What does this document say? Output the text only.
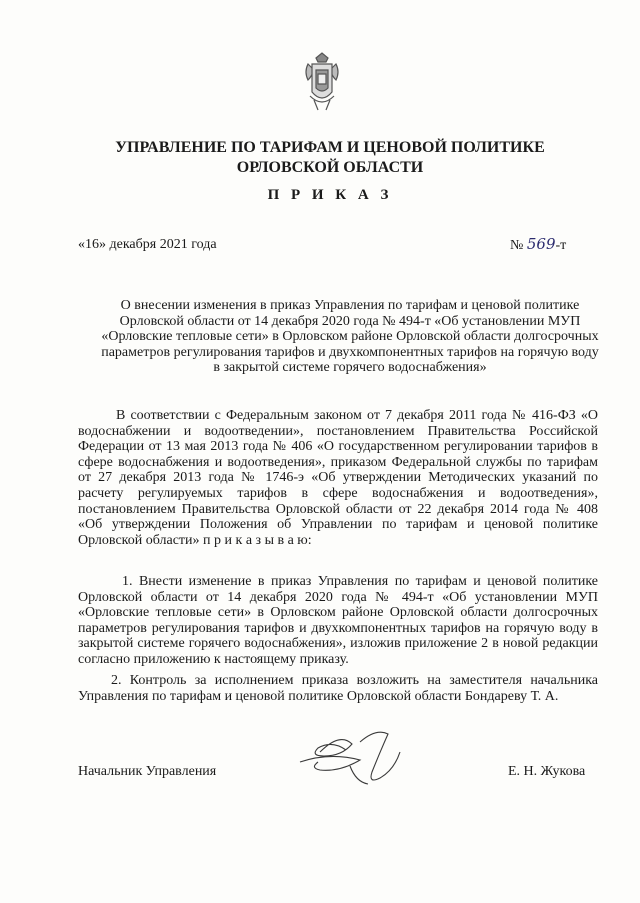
УПРАВЛЕНИЕ ПО ТАРИФАМ И ЦЕНОВОЙ ПОЛИТИКЕ
ОРЛОВСКОЙ ОБЛАСТИ
П Р И К А З
«16» декабря 2021 года	№ 569-т
О внесении изменения в приказ Управления по тарифам и ценовой политике Орловской области от 14 декабря 2020 года № 494-т «Об установлении МУП «Орловские тепловые сети» в Орловском районе Орловской области долгосрочных параметров регулирования тарифов и двухкомпонентных тарифов на горячую воду в закрытой системе горячего водоснабжения»

В соответствии с Федеральным законом от 7 декабря 2011 года № 416-ФЗ «О водоснабжении и водоотведении», постановлением Правительства Российской Федерации от 13 мая 2013 года № 406 «О государственном регулировании тарифов в сфере водоснабжения и водоотведения», приказом Федеральной службы по тарифам от 27 декабря 2013 года № 1746-э «Об утверждении Методических указаний по расчету регулируемых тарифов в сфере водоснабжения и водоотведения», постановлением Правительства Орловской области от 22 декабря 2014 года № 408 «Об утверждении Положения об Управлении по тарифам и ценовой политике Орловской области» п р и к а з ы в а ю:

1. Внести изменение в приказ Управления по тарифам и ценовой политике Орловской области от 14 декабря 2020 года № 494-т «Об установлении МУП «Орловские тепловые сети» в Орловском районе Орловской области долгосрочных параметров регулирования тарифов и двухкомпонентных тарифов на горячую воду в закрытой системе горячего водоснабжения», изложив приложение 2 в новой редакции согласно приложению к настоящему приказу.

2. Контроль за исполнением приказа возложить на заместителя начальника Управления по тарифам и ценовой политике Орловской области Бондареву Т. А.

Начальник Управления	Е. Н. Жукова
